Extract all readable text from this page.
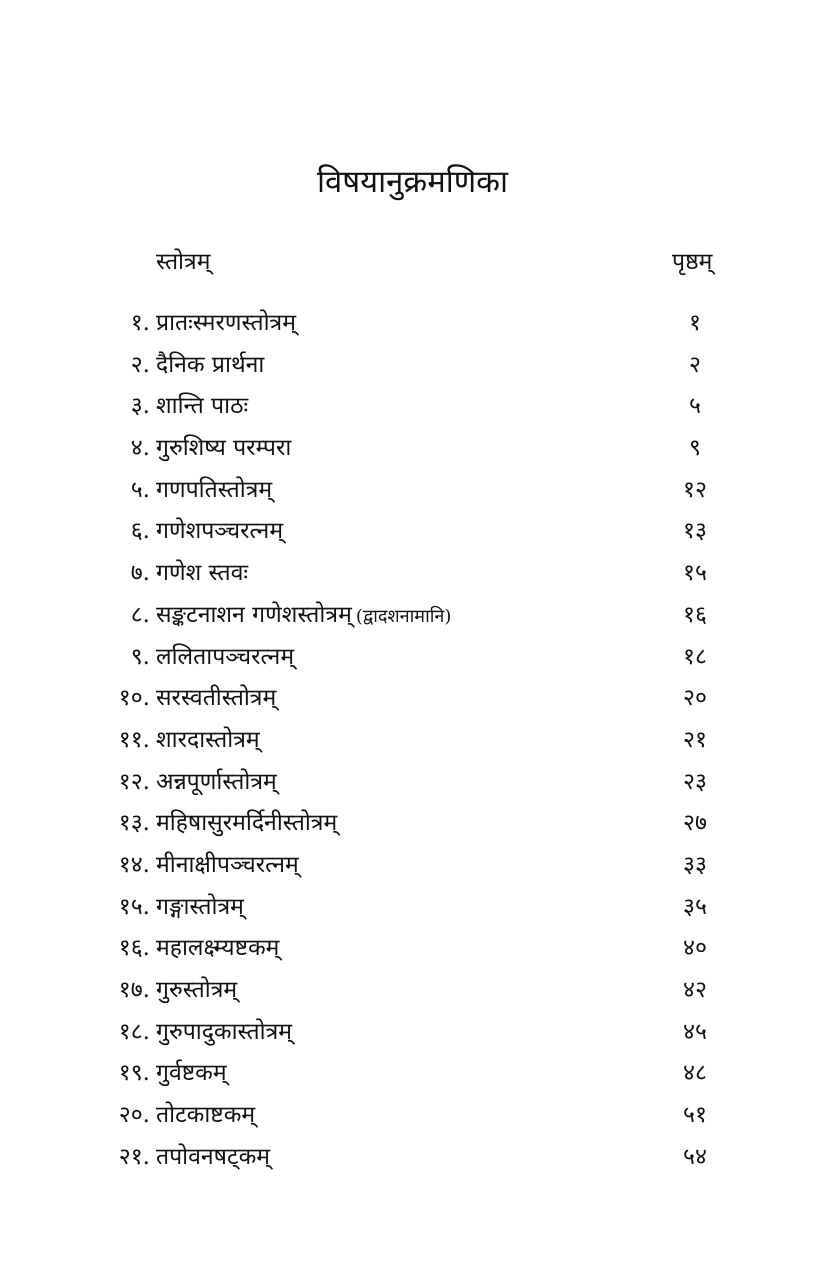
विषयानुक्रमणिका
स्तोत्रम्	पृष्ठम्
१. प्रातःस्मरणस्तोत्रम्	१
२. दैनिक प्रार्थना	२
३. शान्ति पाठः	५
४. गुरुशिष्य परम्परा	९
५. गणपतिस्तोत्रम्	१२
६. गणेशपञ्चरत्नम्	१३
७. गणेश स्तवः	१५
८. सङ्कटनाशन गणेशस्तोत्रम् (द्वादशनामानि)	१६
९. ललितापञ्चरत्नम्	१८
१०. सरस्वतीस्तोत्रम्	२०
११. शारदास्तोत्रम्	२१
१२. अन्नपूर्णास्तोत्रम्	२३
१३. महिषासुरमर्दिनीस्तोत्रम्	२७
१४. मीनाक्षीपञ्चरत्नम्	३३
१५. गङ्गास्तोत्रम्	३५
१६. महालक्ष्म्यष्टकम्	४०
१७. गुरुस्तोत्रम्	४२
१८. गुरुपादुकास्तोत्रम्	४५
१९. गुर्वष्टकम्	४८
२०. तोटकाष्टकम्	५१
२१. तपोवनषट्कम्	५४
